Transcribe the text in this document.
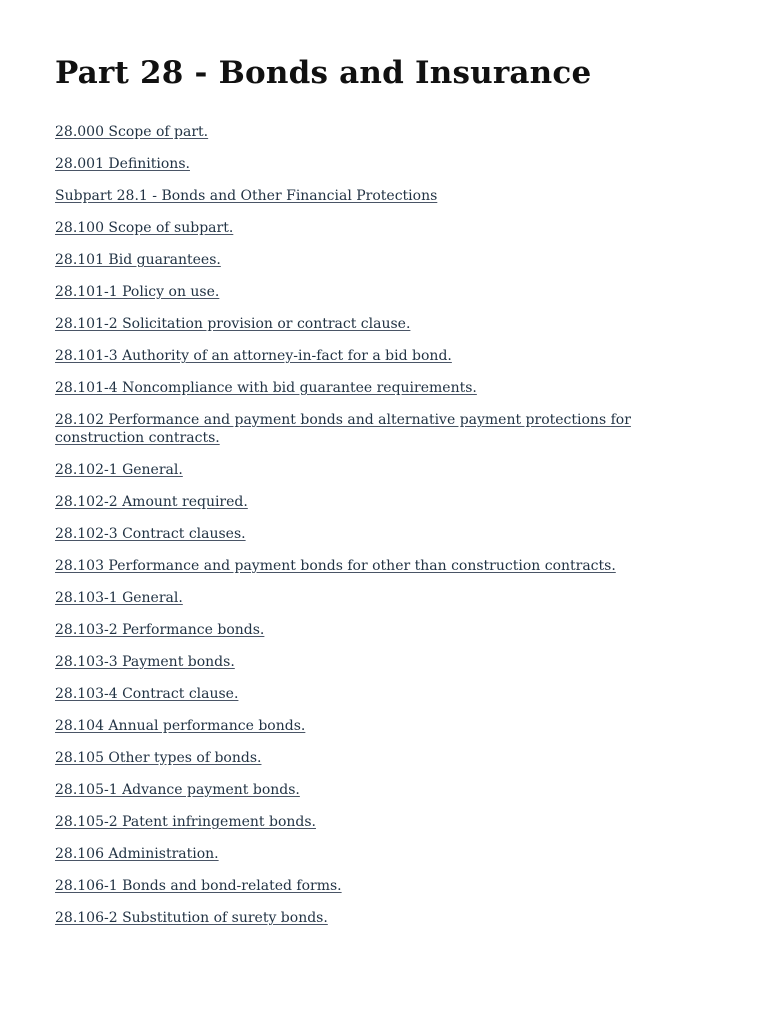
Part 28 - Bonds and Insurance
28.000 Scope of part.
28.001 Definitions.
Subpart 28.1 - Bonds and Other Financial Protections
28.100 Scope of subpart.
28.101 Bid guarantees.
28.101-1 Policy on use.
28.101-2 Solicitation provision or contract clause.
28.101-3 Authority of an attorney-in-fact for a bid bond.
28.101-4 Noncompliance with bid guarantee requirements.
28.102 Performance and payment bonds and alternative payment protections for construction contracts.
28.102-1 General.
28.102-2 Amount required.
28.102-3 Contract clauses.
28.103 Performance and payment bonds for other than construction contracts.
28.103-1 General.
28.103-2 Performance bonds.
28.103-3 Payment bonds.
28.103-4 Contract clause.
28.104 Annual performance bonds.
28.105 Other types of bonds.
28.105-1 Advance payment bonds.
28.105-2 Patent infringement bonds.
28.106 Administration.
28.106-1 Bonds and bond-related forms.
28.106-2 Substitution of surety bonds.
